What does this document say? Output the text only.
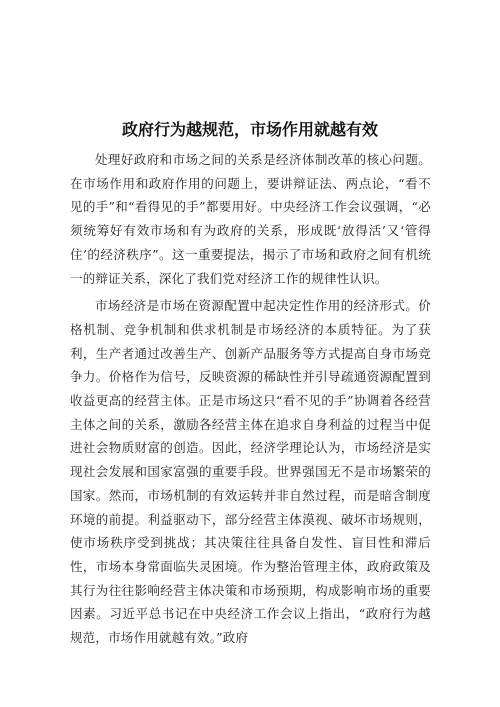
政府行为越规范，市场作用就越有效

处理好政府和市场之间的关系是经济体制改革的核心问题。在市场作用和政府作用的问题上，要讲辩证法、两点论，“看不见的手”和“看得见的手”都要用好。中央经济工作会议强调，“必须统筹好有效市场和有为政府的关系，形成既‘放得活’又‘管得住’的经济秩序”。这一重要提法，揭示了市场和政府之间有机统一的辩证关系，深化了我们党对经济工作的规律性认识。

市场经济是市场在资源配置中起决定性作用的经济形式。价格机制、竞争机制和供求机制是市场经济的本质特征。为了获利，生产者通过改善生产、创新产品服务等方式提高自身市场竞争力。价格作为信号，反映资源的稀缺性并引导疏通资源配置到收益更高的经营主体。正是市场这只“看不见的手”协调着各经营主体之间的关系，激励各经营主体在追求自身利益的过程当中促进社会物质财富的创造。因此，经济学理论认为，市场经济是实现社会发展和国家富强的重要手段。世界强国无不是市场繁荣的国家。然而，市场机制的有效运转并非自然过程，而是暗含制度环境的前提。利益驱动下，部分经营主体漠视、破坏市场规则，使市场秩序受到挑战；其决策往往具备自发性、盲目性和滞后性，市场本身常面临失灵困境。作为整治管理主体，政府政策及其行为往往影响经营主体决策和市场预期，构成影响市场的重要因素。习近平总书记在中央经济工作会议上指出，“政府行为越规范，市场作用就越有效。”政府
